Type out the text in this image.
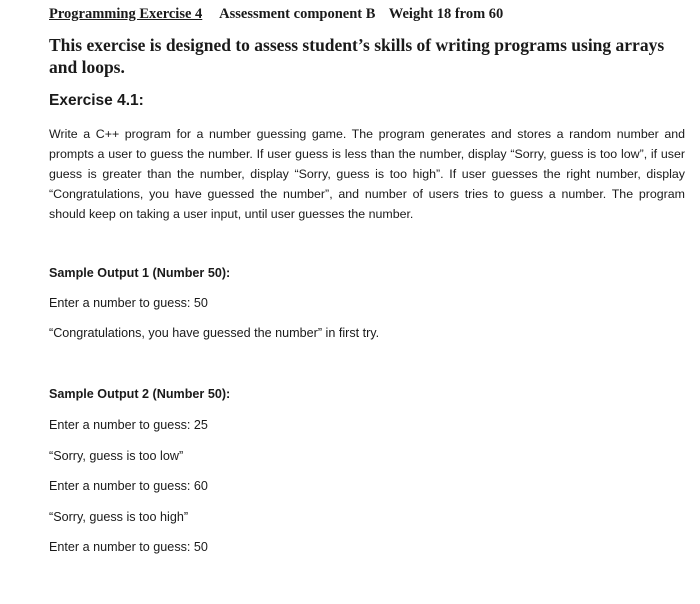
Programming Exercise 4 Assessment component B Weight 18 from 60
This exercise is designed to assess student’s skills of writing programs using arrays and loops.
Exercise 4.1:
Write a C++ program for a number guessing game. The program generates and stores a random number and prompts a user to guess the number. If user guess is less than the number, display “Sorry, guess is too low”, if user guess is greater than the number, display “Sorry, guess is too high”. If user guesses the right number, display “Congratulations, you have guessed the number”, and number of users tries to guess a number. The program should keep on taking a user input, until user guesses the number.
Sample Output 1 (Number 50):
Enter a number to guess: 50
“Congratulations, you have guessed the number” in first try.
Sample Output 2 (Number 50):
Enter a number to guess: 25
“Sorry, guess is too low”
Enter a number to guess: 60
“Sorry, guess is too high”
Enter a number to guess: 50
